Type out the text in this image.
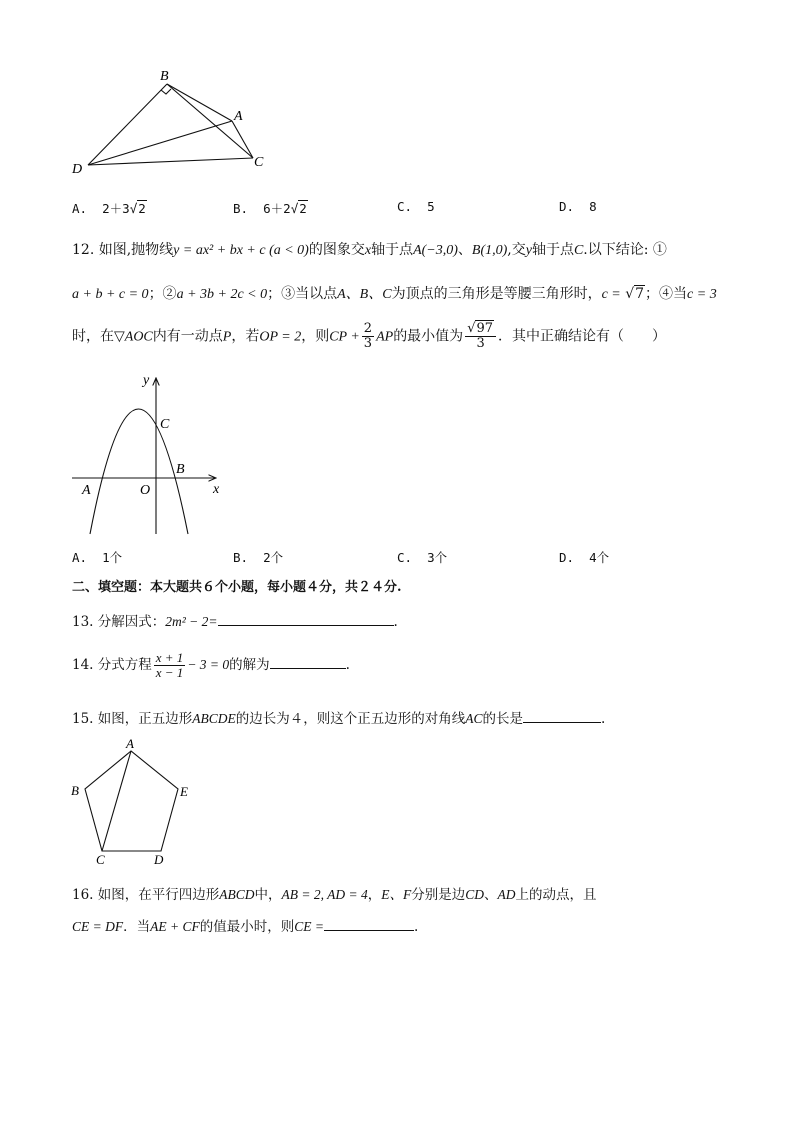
B
A
C
D
A. 2＋3√2	B. 6＋2√2	C. 5	D. 8
12. 如图,抛物线y = ax² + bx + c (a < 0)的图象交x轴于点A(−3,0)、B(1,0),交y轴于点C.以下结论: ①
a + b + c = 0；②a + 3b + 2c < 0；③当以点A、B、C为顶点的三角形是等腰三角形时，c = √7；④当c = 3
时，在▽AOC内有一动点P，若OP = 2，则CP + $\frac{2}{3}$ AP的最小值为 $\frac{√97}{3}$ ．其中正确结论有（　　）
y
x
C
B
A	O
A. 1个	B. 2个	C. 3个	D. 4个
二、填空题：本大题共６个小题，每小题４分，共２４分.
13. 分解因式：2m² − 2=	.
14. 分式方程 $\frac{x + 1}{x - 1} - 3 = 0$的解为	.
15. 如图，正五边形ABCDE的边长为４，则这个正五边形的对角线AC的长是	.
A
B	E
C	D
16. 如图，在平行四边形ABCD中，AB = 2, AD = 4，E、F分别是边CD、AD上的动点，且
CE = DF．当AE + CF的值最小时，则CE =	.
